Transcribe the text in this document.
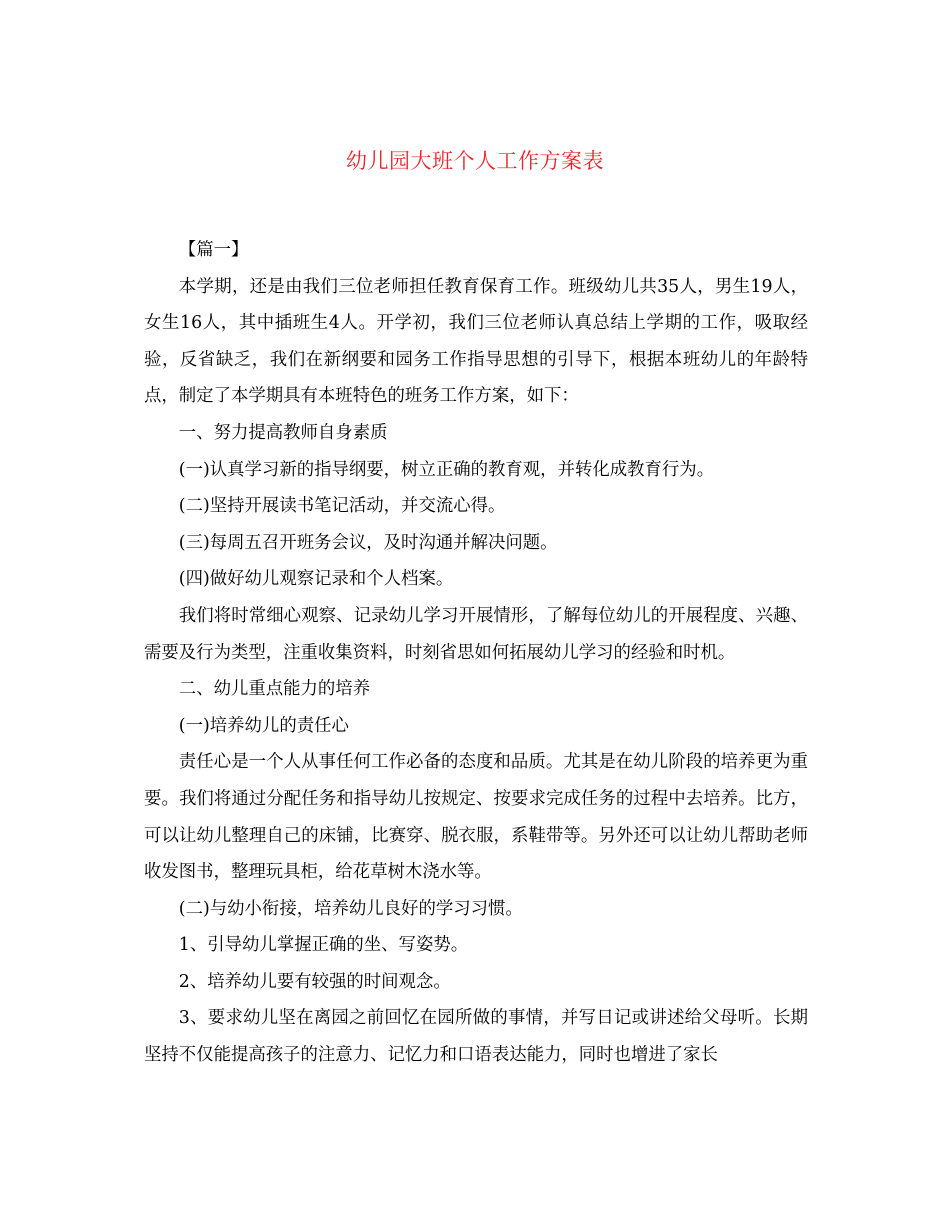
幼儿园大班个人工作方案表

【篇一】

本学期，还是由我们三位老师担任教育保育工作。班级幼儿共35人，男生19人，女生16人，其中插班生4人。开学初，我们三位老师认真总结上学期的工作，吸取经验，反省缺乏，我们在新纲要和园务工作指导思想的引导下，根据本班幼儿的年龄特点，制定了本学期具有本班特色的班务工作方案，如下：

一、努力提高教师自身素质

(一)认真学习新的指导纲要，树立正确的教育观，并转化成教育行为。

(二)坚持开展读书笔记活动，并交流心得。

(三)每周五召开班务会议，及时沟通并解决问题。

(四)做好幼儿观察记录和个人档案。

我们将时常细心观察、记录幼儿学习开展情形，了解每位幼儿的开展程度、兴趣、需要及行为类型，注重收集资料，时刻省思如何拓展幼儿学习的经验和时机。

二、幼儿重点能力的培养

(一)培养幼儿的责任心

责任心是一个人从事任何工作必备的态度和品质。尤其是在幼儿阶段的培养更为重要。我们将通过分配任务和指导幼儿按规定、按要求完成任务的过程中去培养。比方，可以让幼儿整理自己的床铺，比赛穿、脱衣服，系鞋带等。另外还可以让幼儿帮助老师收发图书，整理玩具柜，给花草树木浇水等。

(二)与幼小衔接，培养幼儿良好的学习习惯。

1、引导幼儿掌握正确的坐、写姿势。

2、培养幼儿要有较强的时间观念。

3、要求幼儿坚在离园之前回忆在园所做的事情，并写日记或讲述给父母听。长期坚持不仅能提高孩子的注意力、记忆力和口语表达能力，同时也增进了家长
